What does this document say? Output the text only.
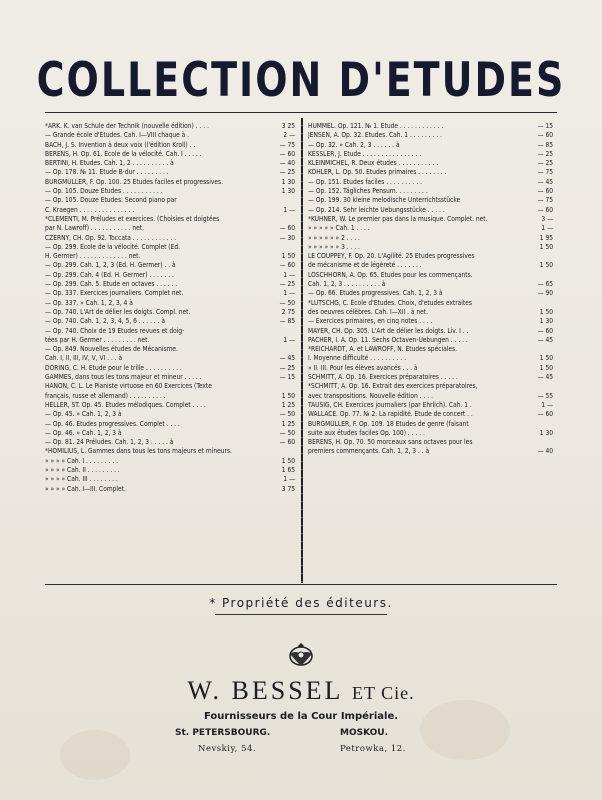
COLLECTION D'ETUDES
*ARK. K. van Schule der Technik (nouvelle édition) . . . .	3 25
— Grande école d'Études. Cah. I—VIII chaque à .	2 —
BACH, J. S. Invention à deux voix (l'édition Kroll) . .	— 75
BERENS, H. Op. 61. École de la vélocité. Cah. I . . . . .	— 60
BERTINI, H. Etudes. Cah. 1, 2 . . . . . . . . . . à	— 40
— Op. 178. № 11. Etude B-dur . . . . . . . . .	— 25
BURGMÜLLER, F. Op. 100. 25 Etudes faciles et progressives.	1 30
— Op. 105. Douze Etudes . . . . . . . . . . .	1 30
— Op. 105. Douze Etudes. Second piano par
C. Kraegen . . . . . . . . . . . . . . .	1 —
*CLEMENTI, M. Préludes et exercices. (Choisies et doigtées
par N. Lawroff) . . . . . . . . . . . net.	— 60
CZERNY, CH. Op. 92. Toccata . . . . . . . . . . . .	— 30
— Op. 299. Ecole de la vélocité. Complet (Ed.
H. Germer) . . . . . . . . . . . . . net.	1 50
— Op. 299. Cah. 1, 2, 3 (Ed. H. Germer) . . à	— 60
— Op. 299. Cah. 4 (Ed. H. Germer) . . . . . . .	1 —
— Op. 299. Cah. 5. Etude en octaves . . . . . .	— 25
— Op. 337. Exercices journaliers. Complet net.	1 —
— Op. 337. » Cah. 1, 2, 3, 4 à	— 50
— Op. 740. L'Art de délier les doigts. Compl. net.	2 75
— Op. 740. Cah. 1, 2, 3, 4, 5, 6 . . . . . . à	— 85
— Op. 740. Choix de 19 Etudes revues et doig-
tées par H. Germer . . . . . . . . . net.	1 —
— Op. 849. Nouvelles études de Mécanisme.
Cah. I, II, III, IV, V, VI . . . à	— 45
DÖRING, C. H. Etude pour le trille . . . . . . . . . .	— 25
GAMMES, dans tous les tons majeur et mineur . . . . .	— 15
HANON, C. L. Le Pianiste virtuose en 60 Exercices (Texte
français, russe et allemand) . . . . . . . . . .	1 50
HELLER, ST. Op. 45. Etudes mélodiques. Complet . . . .	1 25
— Op. 45. » Cah. 1, 2, 3 à	— 50
— Op. 46. Etudes progressives. Complet . . . .	1 25
— Op. 46. » Cah. 1, 2, 3 à	— 50
— Op. 81. 24 Préludes. Cah. 1, 2, 3 . . . . . à	— 60
*HOMILIUS, L. Gammes dans tous les tons majeurs et mineurs.
» » » » Cah. I . . . . . . . . .	1 50
» » » » Cah. II . . . . . . . . .	1 65
» » » » Cah. III . . . . . . . .	1 —
» » » » Cah. I—III. Complet.	3 75
HUMMEL. Op. 121. № 1. Etude . . . . . . . . . . . .	— 15
JENSEN, A. Op. 32. Etudes. Cah. 1 . . . . . . . . .	— 60
— Op. 32. » Cah. 2, 3 . . . . . . à	— 85
KESSLER, J. Etude . . . . . . . . . . . . . . . .	— 25
KLEINMICHEL, R. Deux études . . . . . . . . . . .	— 25
KÖHLER, L. Op. 50. Etudes primaires . . . . . . . .	— 75
— Op. 151. Etudes faciles . . . . . . . . . .	— 45
— Op. 152. Tägliches Pensum. . . . . . . . .	— 60
— Op. 199. 30 kleine melodische Unterrichtsstücke	— 75
— Op. 214. Sehr leichte Uebungsstücke . . . . .	— 60
*KÜHNER, W. Le premier pas dans la musique. Complet. net.	3 —
» » » » » Cah. 1 . . . .	1 —
» » » » » » 2 . . . .	1 95
» » » » » » 3 . . . .	1 50
LE COUPPEY, F. Op. 20. L'Agilité. 25 Etudes progressives
de mécanisme et de légèreté . . . . . . .	1 50
LÖSCHHORN, A. Op. 65. Etudes pour les commençants.
Cah. 1, 2, 3 . . . . . . . . . . à	— 65
— Op. 66. Etudes progressives. Cah. 1, 2, 3 à	— 90
*LUTSCHG, C. École d'Études. Choix, d'etudes extraites
des oeuvres célèbres. Cah. I—XII . à net.	1 50
— Exercices primaires, en cinq notes . . . .	1 30
MAYER, CH. Op. 305. L'Art de délier les doigts. Liv. I . .	— 60
PACHER, I. A. Op. 11. Sechs Octaven-Uebungen . . . . .	— 45
*REICHARDT, A. et LAWROFF, N. Études spéciales.
I. Moyenne difficulté . . . . . . . . . .	1 50
» II. III. Pour les élèves avancés . . . à	1 50
SCHMITT, A. Op. 16. Exercices préparatoires . . . . .	— 45
*SCHMITT, A. Op. 16. Extrait des exercices préparatoires,
avec transpositions. Nouvelle édition . . . .	— 55
TAUSIG, CH. Exercices journaliers (par Ehrlich). Cah. 1 .	1 —
WALLACE. Op. 77. № 2. La rapidité. Etude de concert . .	— 60
BURGMÜLLER, F. Op. 109. 18 Etudes de genre (faisant
suite aux études faciles Op. 100) . . . . .	1 30
BERENS, H. Op. 70. 50 morceaux sans octaves pour les
premiers commençants. Cah. 1, 2, 3 . . à	— 40
* Propriété des éditeurs.
W. BESSEL ET Cie.
Fournisseurs de la Cour Impériale.
St. PETERSBOURG.	MOSKOU.
Nevskiy, 54.	Petrowka, 12.
